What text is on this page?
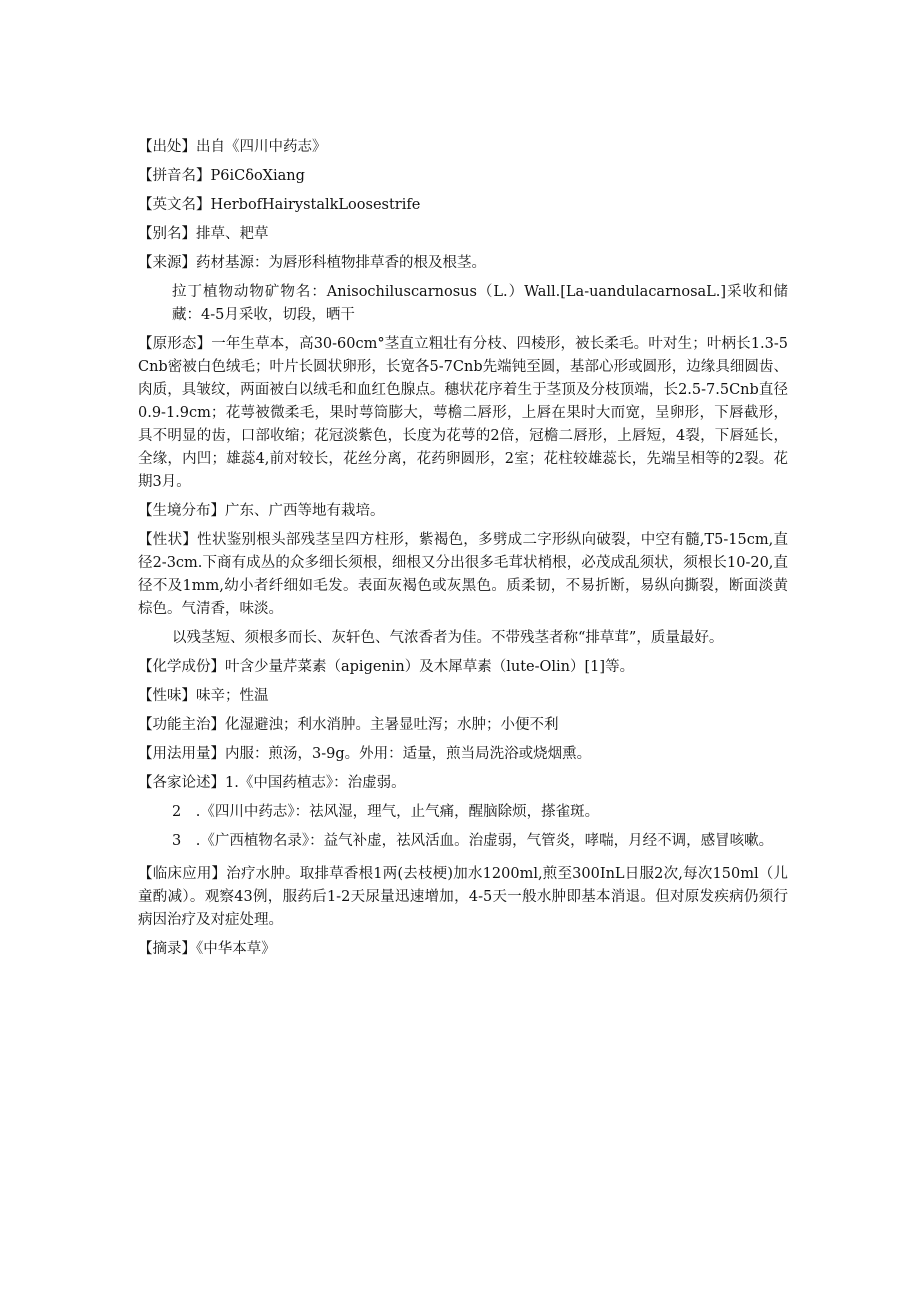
【出处】出自《四川中药志》

【拼音名】P6iCδoXiang

【英文名】HerbofHairystalkLoosestrife

【别名】排草、耙草

【来源】药材基源：为唇形科植物排草香的根及根茎。

拉丁植物动物矿物名：Anisochiluscarnosus（L.）Wall.[La-uandulacarnosaL.]采收和储藏：4-5月采收，切段，晒干

【原形态】一年生草本，高30-60cm°茎直立粗壮有分枝、四棱形，被长柔毛。叶对生；叶柄长1.3-5Cnb密被白色绒毛；叶片长圆状卵形，长宽各5-7Cnb先端钝至圆，基部心形或圆形，边缘具细圆齿、肉质，具皱纹，两面被白以绒毛和血红色腺点。穗状花序着生于茎顶及分枝顶端，长2.5-7.5Cnb直径0.9-1.9cm；花萼被微柔毛，果时萼筒膨大，萼檐二唇形，上唇在果时大而宽，呈卵形，下唇截形，具不明显的齿，口部收缩；花冠淡紫色，长度为花萼的2倍，冠檐二唇形，上唇短，4裂，下唇延长，全缘，内凹；雄蕊4,前对较长，花丝分离，花药卵圆形，2室；花柱较雄蕊长，先端呈相等的2裂。花期3月。

【生境分布】广东、广西等地有栽培。

【性状】性状鉴别根头部残茎呈四方柱形，紫褐色，多劈成二字形纵向破裂，中空有髓,T5-15cm,直径2-3cm.下商有成丛的众多细长须根，细根又分出很多毛茸状梢根，必茂成乱须状，须根长10-20,直径不及1mm,幼小者纤细如毛发。表面灰褐色或灰黑色。质柔韧，不易折断，易纵向撕裂，断面淡黄棕色。气清香，味淡。

以残茎短、须根多而长、灰轩色、气浓香者为佳。不带残茎者称“排草茸”，质量最好。

【化学成份】叶含少量芹菜素（apigenin）及木犀草素（lute-Olin）[1]等。

【性味】味辛；性温

【功能主治】化湿避浊；利水消肿。主暑显吐泻；水肿；小便不利

【用法用量】内服：煎汤，3-9g。外用：适量，煎当局洗浴或烧烟熏。

【各家论述】1.《中国药植志》：治虚弱。

2　.《四川中药志》：祛风湿，理气，止气痛，醒脑除烦，搽雀斑。

3　.《广西植物名录》：益气补虚，祛风活血。治虚弱，气管炎，哮喘，月经不调，感冒咳嗽。

【临床应用】治疗水肿。取排草香根1两(去枝梗)加水1200ml,煎至300InL日服2次,每次150ml（儿童酌减）。观察43例，服药后1-2天尿量迅速增加，4-5天一般水肿即基本消退。但对原发疾病仍须行病因治疗及对症处理。

【摘录】《中华本草》
